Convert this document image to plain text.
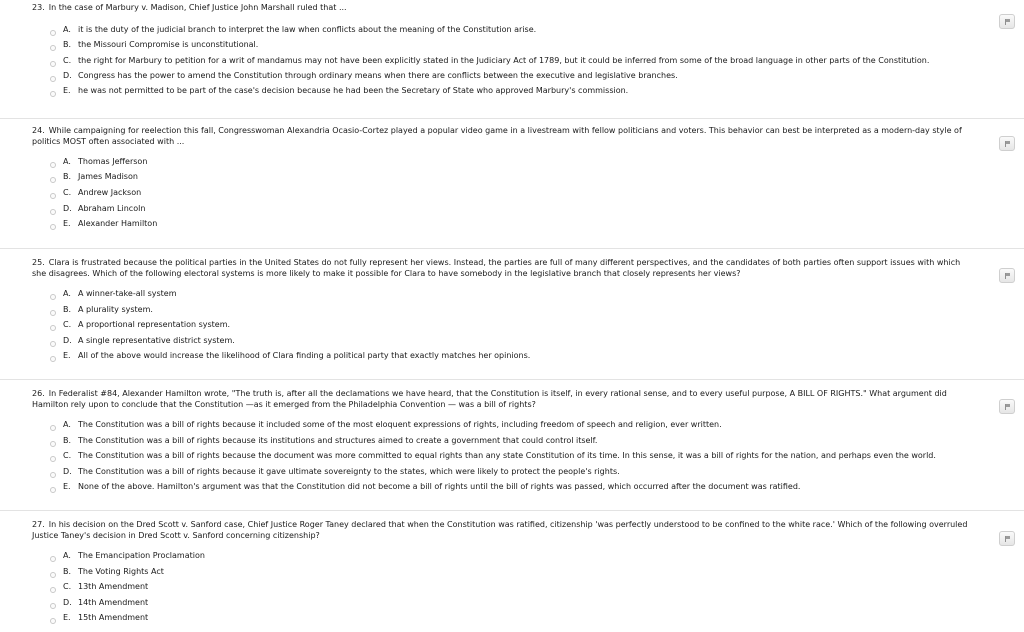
23. In the case of Marbury v. Madison, Chief Justice John Marshall ruled that ...
A. it is the duty of the judicial branch to interpret the law when conflicts about the meaning of the Constitution arise.
B. the Missouri Compromise is unconstitutional.
C. the right for Marbury to petition for a writ of mandamus may not have been explicitly stated in the Judiciary Act of 1789, but it could be inferred from some of the broad language in other parts of the Constitution.
D. Congress has the power to amend the Constitution through ordinary means when there are conflicts between the executive and legislative branches.
E. he was not permitted to be part of the case's decision because he had been the Secretary of State who approved Marbury's commission.
24. While campaigning for reelection this fall, Congresswoman Alexandria Ocasio-Cortez played a popular video game in a livestream with fellow politicians and voters. This behavior can best be interpreted as a modern-day style of politics MOST often associated with ...
A. Thomas Jefferson
B. James Madison
C. Andrew Jackson
D. Abraham Lincoln
E. Alexander Hamilton
25. Clara is frustrated because the political parties in the United States do not fully represent her views. Instead, the parties are full of many different perspectives, and the candidates of both parties often support issues with which she disagrees. Which of the following electoral systems is more likely to make it possible for Clara to have somebody in the legislative branch that closely represents her views?
A. A winner-take-all system
B. A plurality system.
C. A proportional representation system.
D. A single representative district system.
E. All of the above would increase the likelihood of Clara finding a political party that exactly matches her opinions.
26. In Federalist #84, Alexander Hamilton wrote, "The truth is, after all the declamations we have heard, that the Constitution is itself, in every rational sense, and to every useful purpose, A BILL OF RIGHTS." What argument did Hamilton rely upon to conclude that the Constitution —as it emerged from the Philadelphia Convention — was a bill of rights?
A. The Constitution was a bill of rights because it included some of the most eloquent expressions of rights, including freedom of speech and religion, ever written.
B. The Constitution was a bill of rights because its institutions and structures aimed to create a government that could control itself.
C. The Constitution was a bill of rights because the document was more committed to equal rights than any state Constitution of its time. In this sense, it was a bill of rights for the nation, and perhaps even the world.
D. The Constitution was a bill of rights because it gave ultimate sovereignty to the states, which were likely to protect the people's rights.
E. None of the above. Hamilton's argument was that the Constitution did not become a bill of rights until the bill of rights was passed, which occurred after the document was ratified.
27. In his decision on the Dred Scott v. Sanford case, Chief Justice Roger Taney declared that when the Constitution was ratified, citizenship 'was perfectly understood to be confined to the white race.' Which of the following overruled Justice Taney's decision in Dred Scott v. Sanford concerning citizenship?
A. The Emancipation Proclamation
B. The Voting Rights Act
C. 13th Amendment
D. 14th Amendment
E. 15th Amendment
